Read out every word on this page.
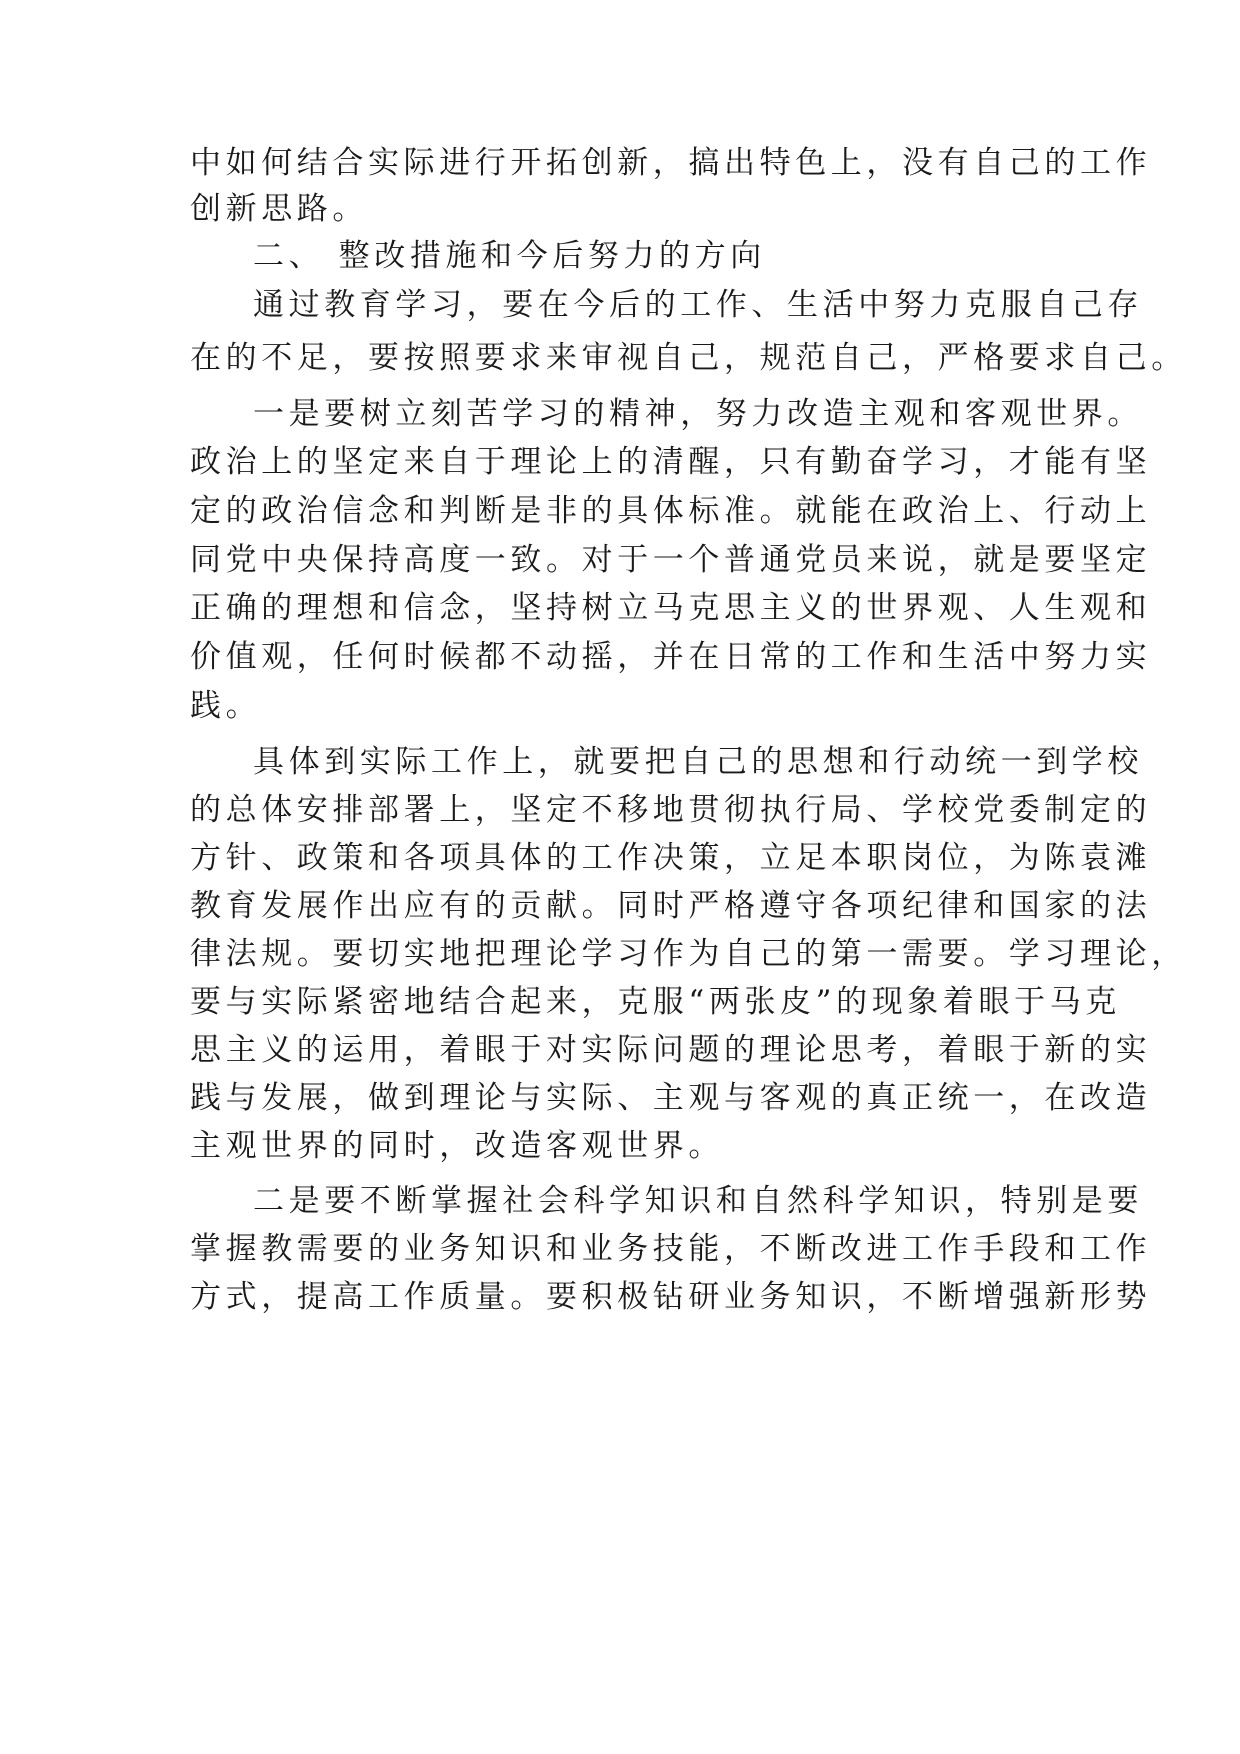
中如何结合实际进行开拓创新，搞出特色上，没有自己的工作
创新思路。
二、 整改措施和今后努力的方向
通过教育学习，要在今后的工作、生活中努力克服自己存
在的不足，要按照要求来审视自己，规范自己，严格要求自己。
一是要树立刻苦学习的精神，努力改造主观和客观世界。
政治上的坚定来自于理论上的清醒，只有勤奋学习，才能有坚
定的政治信念和判断是非的具体标准。就能在政治上、行动上
同党中央保持高度一致。对于一个普通党员来说，就是要坚定
正确的理想和信念，坚持树立马克思主义的世界观、人生观和
价值观，任何时候都不动摇，并在日常的工作和生活中努力实
践。
具体到实际工作上，就要把自己的思想和行动统一到学校
的总体安排部署上，坚定不移地贯彻执行局、学校党委制定的
方针、政策和各项具体的工作决策，立足本职岗位，为陈袁滩
教育发展作出应有的贡献。同时严格遵守各项纪律和国家的法
律法规。要切实地把理论学习作为自己的第一需要。学习理论，
要与实际紧密地结合起来，克服“两张皮”的现象着眼于马克
思主义的运用，着眼于对实际问题的理论思考，着眼于新的实
践与发展，做到理论与实际、主观与客观的真正统一，在改造
主观世界的同时，改造客观世界。
二是要不断掌握社会科学知识和自然科学知识，特别是要
掌握教需要的业务知识和业务技能，不断改进工作手段和工作
方式，提高工作质量。要积极钻研业务知识，不断增强新形势
